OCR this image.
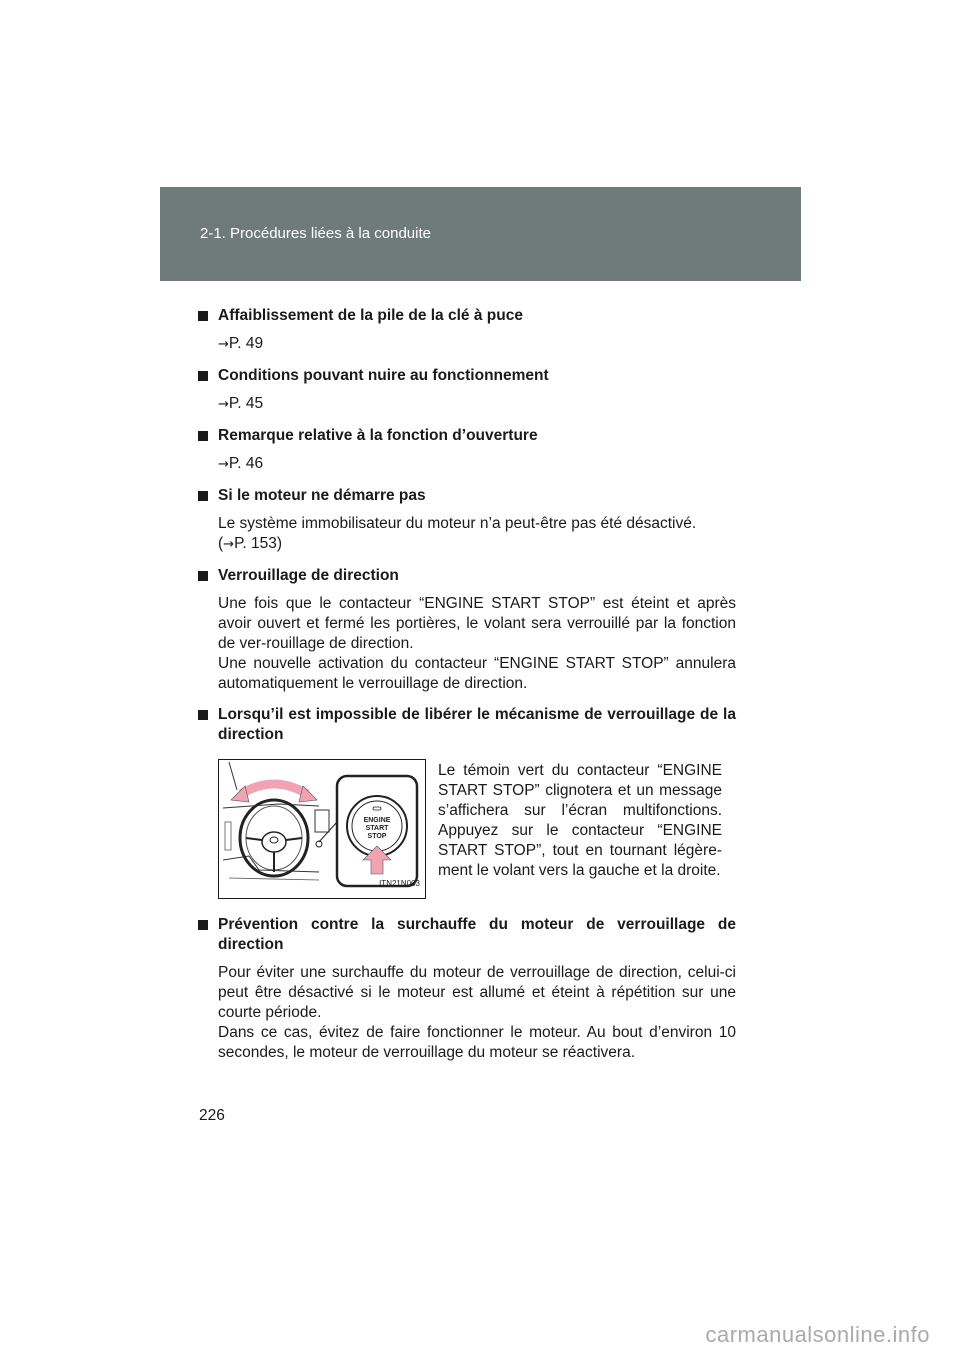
2-1. Procédures liées à la conduite
Affaiblissement de la pile de la clé à puce
→P. 49
Conditions pouvant nuire au fonctionnement
→P. 45
Remarque relative à la fonction d’ouverture
→P. 46
Si le moteur ne démarre pas
Le système immobilisateur du moteur n’a peut-être pas été désactivé.
(→P. 153)
Verrouillage de direction
Une fois que le contacteur “ENGINE START STOP” est éteint et après avoir ouvert et fermé les portières, le volant sera verrouillé par la fonction de ver-rouillage de direction.
Une nouvelle activation du contacteur “ENGINE START STOP” annulera automatiquement le verrouillage de direction.
Lorsqu’il est impossible de libérer le mécanisme de verrouillage de la direction
ENGINE
START
STOP
ITN21N003
Le témoin vert du contacteur “ENGINE START STOP” clignotera et un message s’affichera sur l’écran multifonctions. Appuyez sur le contacteur “ENGINE START STOP”, tout en tournant légère-ment le volant vers la gauche et la droite.
Prévention contre la surchauffe du moteur de verrouillage de direction
Pour éviter une surchauffe du moteur de verrouillage de direction, celui-ci peut être désactivé si le moteur est allumé et éteint à répétition sur une courte période.
Dans ce cas, évitez de faire fonctionner le moteur. Au bout d’environ 10 secondes, le moteur de verrouillage du moteur se réactivera.
226
carmanualsonline.info
